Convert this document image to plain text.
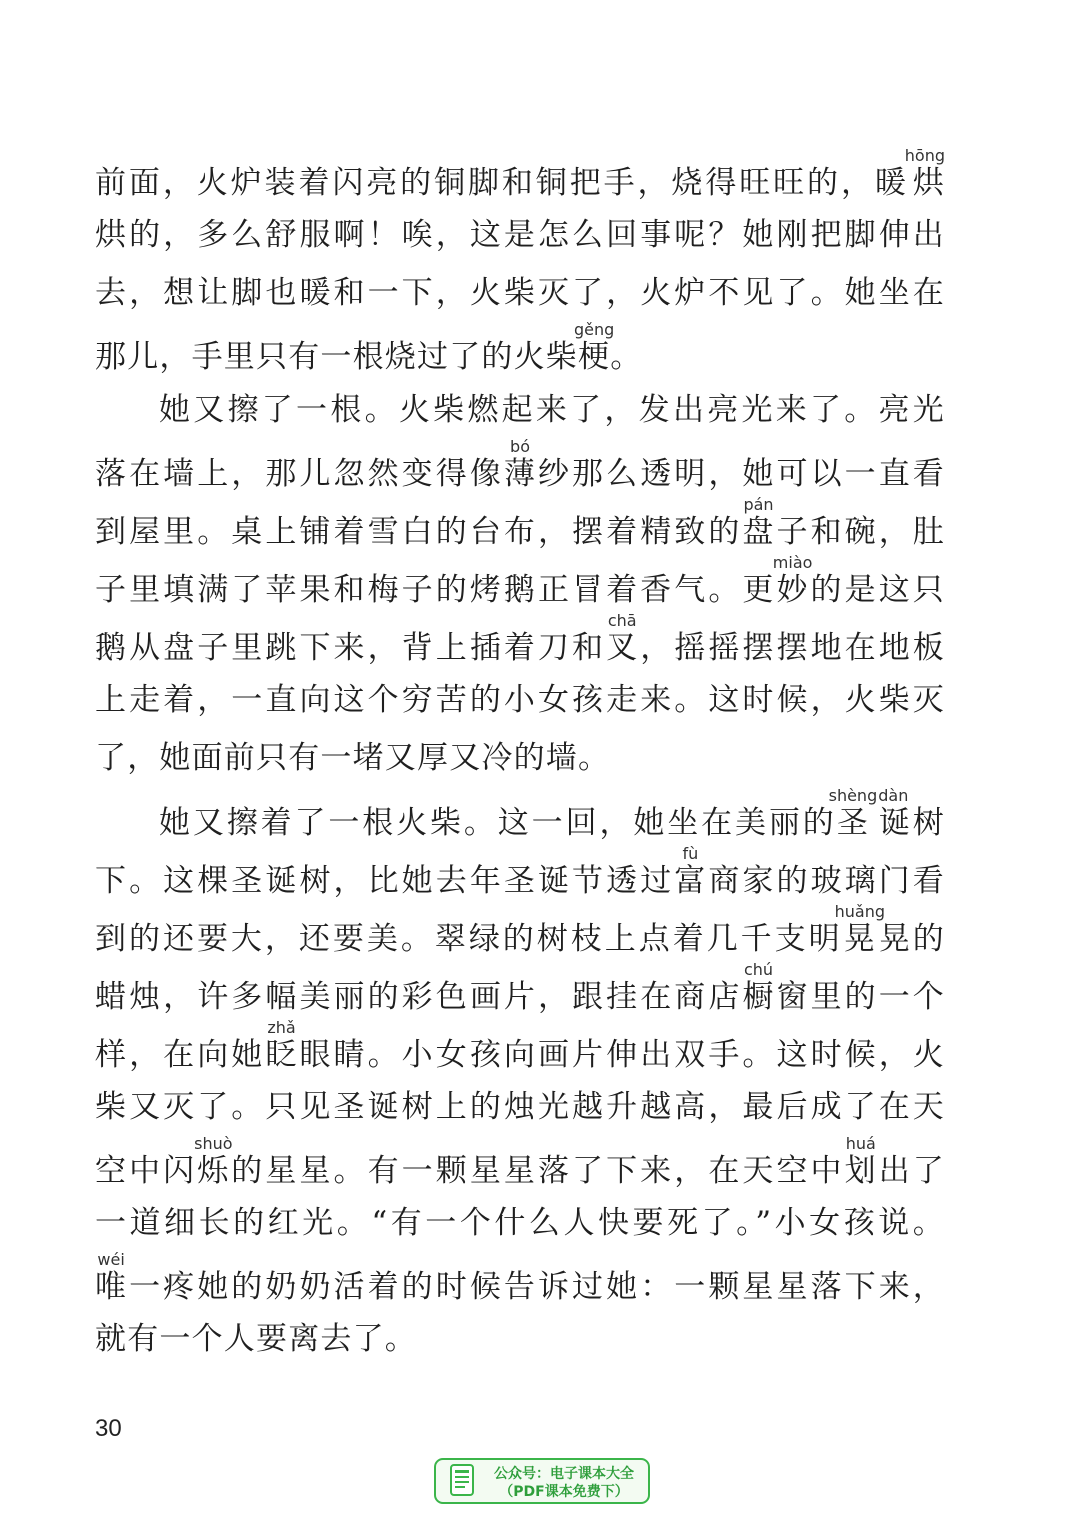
前面，火炉装着闪亮的铜脚和铜把手，烧得旺旺的，暖烘hōng
烘的，多么舒服啊！唉，这是怎么回事呢？她刚把脚伸出
去，想让脚也暖和一下，火柴灭了，火炉不见了。她坐在
那儿，手里只有一根烧过了的火柴梗gěng。
她又擦了一根。火柴燃起来了，发出亮光来了。亮光
落在墙上，那儿忽然变得像薄bó纱那么透明，她可以一直看
到屋里。桌上铺着雪白的台布，摆着精致的盘pán子和碗，肚
子里填满了苹果和梅子的烤鹅正冒着香气。更妙miào的是这只
鹅从盘子里跳下来，背上插着刀和叉chā，摇摇摆摆地在地板
上走着，一直向这个穷苦的小女孩走来。这时候，火柴灭
了，她面前只有一堵又厚又冷的墙。
她又擦着了一根火柴。这一回，她坐在美丽的圣shèng诞dàn树
下。这棵圣诞树，比她去年圣诞节透过富fù商家的玻璃门看
到的还要大，还要美。翠绿的树枝上点着几千支明晃huǎng晃的
蜡烛，许多幅美丽的彩色画片，跟挂在商店橱chú窗里的一个
样，在向她眨zhǎ眼睛。小女孩向画片伸出双手。这时候，火
柴又灭了。只见圣诞树上的烛光越升越高，最后成了在天
空中闪烁shuò的星星。有一颗星星落了下来，在天空中划huá出了
一道细长的红光。“有一个什么人快要死了。”小女孩说。
唯wéi一疼她的奶奶活着的时候告诉过她：一颗星星落下来，
就有一个人要离去了。
30
公众号：电子课本大全
（PDF课本免费下）
